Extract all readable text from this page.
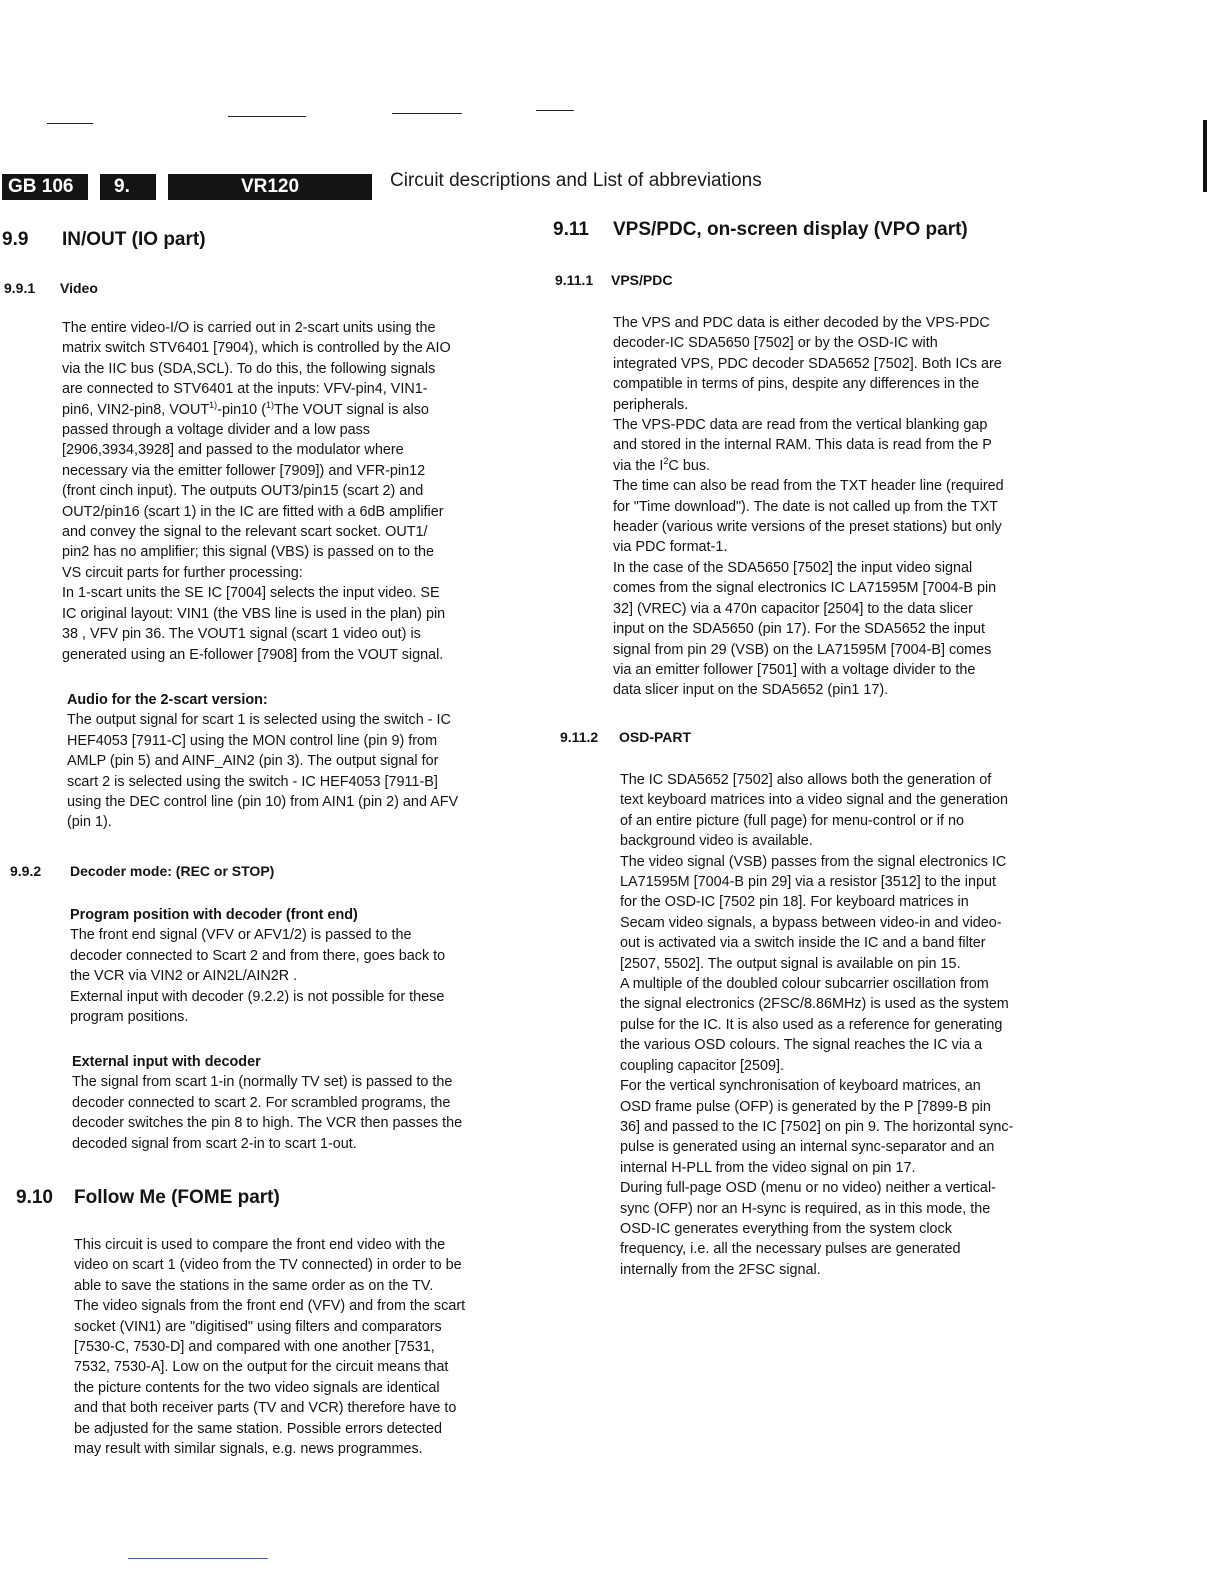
GB 106	9.	VR120	Circuit descriptions and List of abbreviations
9.9 IN/OUT (IO part)
9.9.1 Video
The entire video-I/O is carried out in 2-scart units using the
matrix switch STV6401 [7904), which is controlled by the AIO
via the IIC bus (SDA,SCL). To do this, the following signals
are connected to STV6401 at the inputs: VFV-pin4, VIN1-
pin6, VIN2-pin8, VOUT$^{1)}$-pin10 ($^{1)}$The VOUT signal is also
passed through a voltage divider and a low pass
[2906,3934,3928] and passed to the modulator where
necessary via the emitter follower [7909]) and VFR-pin12
(front cinch input). The outputs OUT3/pin15 (scart 2) and
OUT2/pin16 (scart 1) in the IC are fitted with a 6dB amplifier
and convey the signal to the relevant scart socket. OUT1/
pin2 has no amplifier; this signal (VBS) is passed on to the
VS circuit parts for further processing:
In 1-scart units the SE IC [7004] selects the input video. SE
IC original layout: VIN1 (the VBS line is used in the plan) pin
38 , VFV pin 36. The VOUT1 signal (scart 1 video out) is
generated using an E-follower [7908] from the VOUT signal.
Audio for the 2-scart version:
The output signal for scart 1 is selected using the switch - IC
HEF4053 [7911-C] using the MON control line (pin 9) from
AMLP (pin 5) and AINF_AIN2 (pin 3). The output signal for
scart 2 is selected using the switch - IC HEF4053 [7911-B]
using the DEC control line (pin 10) from AIN1 (pin 2) and AFV
(pin 1).
9.9.2 Decoder mode: (REC or STOP)
Program position with decoder (front end)
The front end signal (VFV or AFV1/2) is passed to the
decoder connected to Scart 2 and from there, goes back to
the VCR via VIN2 or AIN2L/AIN2R .
External input with decoder (9.2.2) is not possible for these
program positions.
External input with decoder
The signal from scart 1-in (normally TV set) is passed to the
decoder connected to scart 2. For scrambled programs, the
decoder switches the pin 8 to high. The VCR then passes the
decoded signal from scart 2-in to scart 1-out.
9.10 Follow Me (FOME part)
This circuit is used to compare the front end video with the
video on scart 1 (video from the TV connected) in order to be
able to save the stations in the same order as on the TV.
The video signals from the front end (VFV) and from the scart
socket (VIN1) are "digitised" using filters and comparators
[7530-C, 7530-D] and compared with one another [7531,
7532, 7530-A]. Low on the output for the circuit means that
the picture contents for the two video signals are identical
and that both receiver parts (TV and VCR) therefore have to
be adjusted for the same station. Possible errors detected
may result with similar signals, e.g. news programmes.
9.11 VPS/PDC, on-screen display (VPO part)
9.11.1 VPS/PDC
The VPS and PDC data is either decoded by the VPS-PDC
decoder-IC SDA5650 [7502] or by the OSD-IC with
integrated VPS, PDC decoder SDA5652 [7502]. Both ICs are
compatible in terms of pins, despite any differences in the
peripherals.
The VPS-PDC data are read from the vertical blanking gap
and stored in the internal RAM. This data is read from the P
via the $I^2C$ bus.
The time can also be read from the TXT header line (required
for "Time download"). The date is not called up from the TXT
header (various write versions of the preset stations) but only
via PDC format-1.
In the case of the SDA5650 [7502] the input video signal
comes from the signal electronics IC LA71595M [7004-B pin
32] (VREC) via a 470n capacitor [2504] to the data slicer
input on the SDA5650 (pin 17). For the SDA5652 the input
signal from pin 29 (VSB) on the LA71595M [7004-B] comes
via an emitter follower [7501] with a voltage divider to the
data slicer input on the SDA5652 (pin1 17).
9.11.2 OSD-PART
The IC SDA5652 [7502] also allows both the generation of
text keyboard matrices into a video signal and the generation
of an entire picture (full page) for menu-control or if no
background video is available.
The video signal (VSB) passes from the signal electronics IC
LA71595M [7004-B pin 29] via a resistor [3512] to the input
for the OSD-IC [7502 pin 18]. For keyboard matrices in
Secam video signals, a bypass between video-in and video-
out is activated via a switch inside the IC and a band filter
[2507, 5502]. The output signal is available on pin 15.
A multiple of the doubled colour subcarrier oscillation from
the signal electronics (2FSC/8.86MHz) is used as the system
pulse for the IC. It is also used as a reference for generating
the various OSD colours. The signal reaches the IC via a
coupling capacitor [2509].
For the vertical synchronisation of keyboard matrices, an
OSD frame pulse (OFP) is generated by the P [7899-B pin
36] and passed to the IC [7502] on pin 9. The horizontal sync-
pulse is generated using an internal sync-separator and an
internal H-PLL from the video signal on pin 17.
During full-page OSD (menu or no video) neither a vertical-
sync (OFP) nor an H-sync is required, as in this mode, the
OSD-IC generates everything from the system clock
frequency, i.e. all the necessary pulses are generated
internally from the 2FSC signal.
